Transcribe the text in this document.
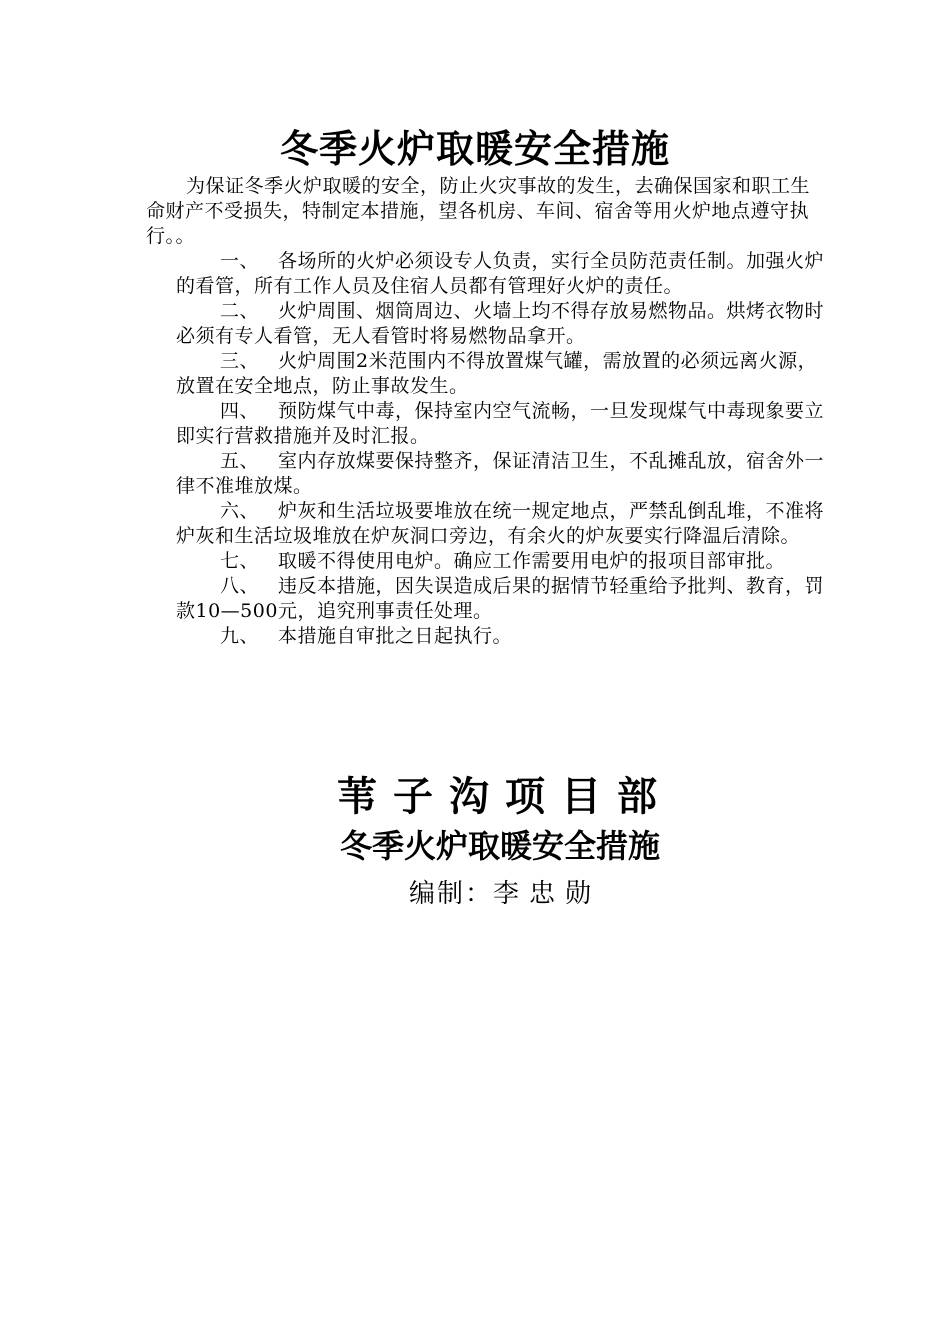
冬季火炉取暖安全措施
为保证冬季火炉取暖的安全，防止火灾事故的发生，去确保国家和职工生命财产不受损失，特制定本措施，望各机房、车间、宿舍等用火炉地点遵守执行。。

一、 各场所的火炉必须设专人负责，实行全员防范责任制。加强火炉的看管，所有工作人员及住宿人员都有管理好火炉的责任。

二、 火炉周围、烟筒周边、火墙上均不得存放易燃物品。烘烤衣物时必须有专人看管，无人看管时将易燃物品拿开。

三、 火炉周围2米范围内不得放置煤气罐，需放置的必须远离火源，放置在安全地点，防止事故发生。

四、 预防煤气中毒，保持室内空气流畅，一旦发现煤气中毒现象要立即实行营救措施并及时汇报。

五、 室内存放煤要保持整齐，保证清洁卫生，不乱摊乱放，宿舍外一律不准堆放煤。

六、 炉灰和生活垃圾要堆放在统一规定地点，严禁乱倒乱堆，不准将炉灰和生活垃圾堆放在炉灰洞口旁边，有余火的炉灰要实行降温后清除。

七、 取暖不得使用电炉。确应工作需要用电炉的报项目部审批。

八、 违反本措施，因失误造成后果的据情节轻重给予批判、教育，罚款10—500元，追究刑事责任处理。

九、 本措施自审批之日起执行。

苇子沟项目部
冬季火炉取暖安全措施
编制：李忠勋
